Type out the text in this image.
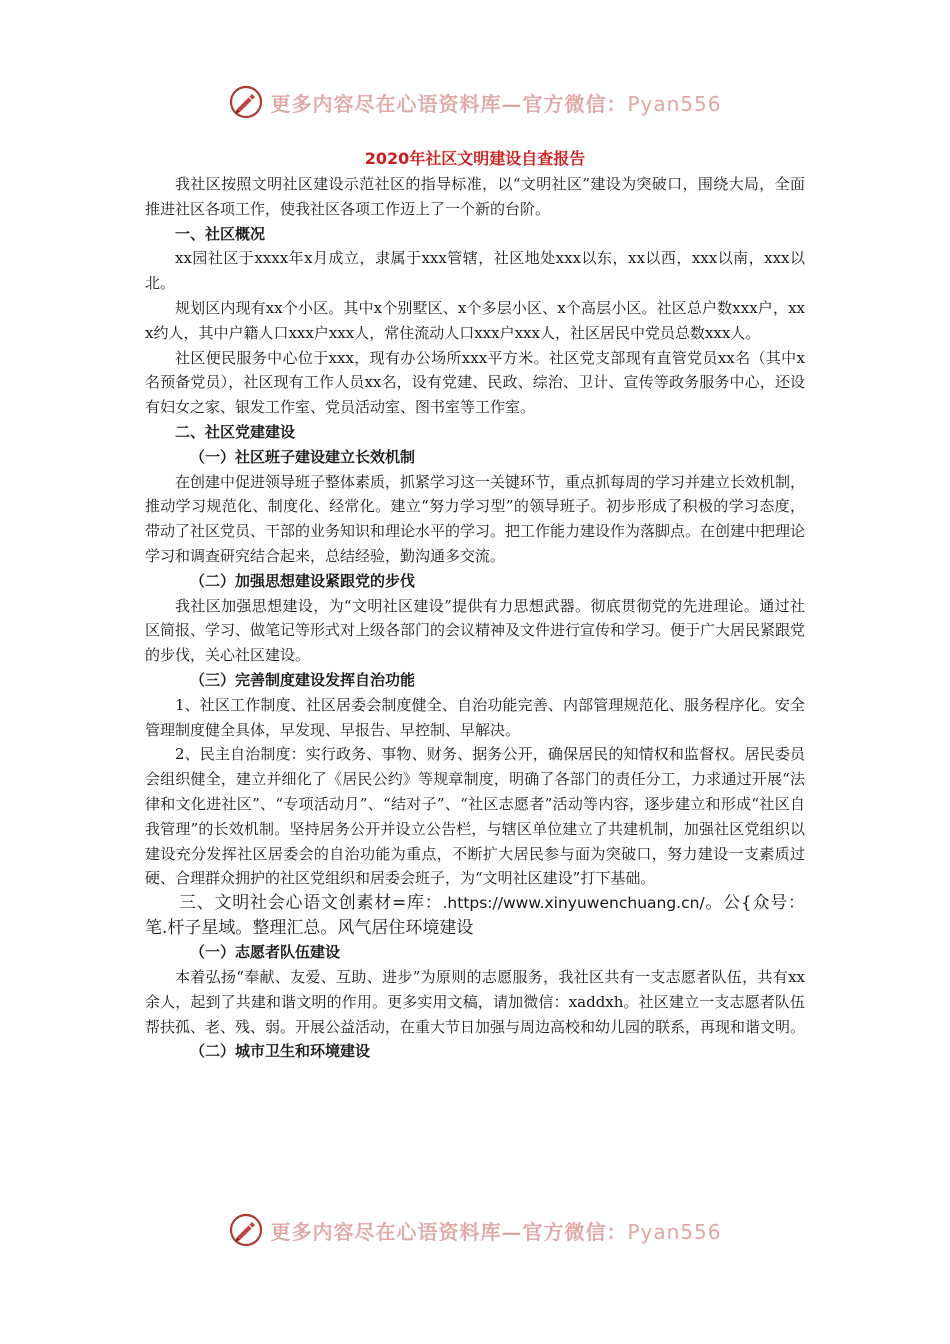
更多内容尽在心语资料库—官方微信：Pyan556
2020年社区文明建设自查报告

我社区按照文明社区建设示范社区的指导标准，以“文明社区”建设为突破口，围绕大局，全面推进社区各项工作，使我社区各项工作迈上了一个新的台阶。

一、社区概况

xx园社区于xxxx年x月成立，隶属于xxx管辖，社区地处xxx以东，xx以西，xxx以南，xxx以北。

规划区内现有xx个小区。其中x个别墅区、x个多层小区、x个高层小区。社区总户数xxx户，xxx约人，其中户籍人口xxx户xxx人，常住流动人口xxx户xxx人，社区居民中党员总数xxx人。

社区便民服务中心位于xxx，现有办公场所xxx平方米。社区党支部现有直管党员xx名（其中x名预备党员），社区现有工作人员xx名，设有党建、民政、综治、卫计、宣传等政务服务中心，还设有妇女之家、银发工作室、党员活动室、图书室等工作室。

二、社区党建建设

（一）社区班子建设建立长效机制

在创建中促进领导班子整体素质，抓紧学习这一关键环节，重点抓每周的学习并建立长效机制，推动学习规范化、制度化、经常化。建立“努力学习型”的领导班子。初步形成了积极的学习态度，带动了社区党员、干部的业务知识和理论水平的学习。把工作能力建设作为落脚点。在创建中把理论学习和调查研究结合起来，总结经验，勤沟通多交流。

（二）加强思想建设紧跟党的步伐

我社区加强思想建设，为“文明社区建设”提供有力思想武器。彻底贯彻党的先进理论。通过社区简报、学习、做笔记等形式对上级各部门的会议精神及文件进行宣传和学习。便于广大居民紧跟党的步伐，关心社区建设。

（三）完善制度建设发挥自治功能

1、社区工作制度、社区居委会制度健全、自治功能完善、内部管理规范化、服务程序化。安全管理制度健全具体，早发现、早报告、早控制、早解决。

2、民主自治制度：实行政务、事物、财务、据务公开，确保居民的知情权和监督权。居民委员会组织健全，建立并细化了《居民公约》等规章制度，明确了各部门的责任分工，力求通过开展“法律和文化进社区”、“专项活动月”、“结对子”、“社区志愿者”活动等内容，逐步建立和形成“社区自我管理”的长效机制。坚持居务公开并设立公告栏，与辖区单位建立了共建机制，加强社区党组织以建设充分发挥社区居委会的自治功能为重点，不断扩大居民参与面为突破口，努力建设一支素质过硬、合理群众拥护的社区党组织和居委会班子，为“文明社区建设”打下基础。

三、文明社会心语文创素材=库：.https://www.xinyuwenchuang.cn/。公{众号：笔.杆子星域。整理汇总。风气居住环境建设

（一）志愿者队伍建设

本着弘扬“奉献、友爱、互助、进步”为原则的志愿服务，我社区共有一支志愿者队伍，共有xx余人，起到了共建和谐文明的作用。更多实用文稿，请加微信：xaddxh。社区建立一支志愿者队伍帮扶孤、老、残、弱。开展公益活动，在重大节日加强与周边高校和幼儿园的联系，再现和谐文明。

（二）城市卫生和环境建设

更多内容尽在心语资料库—官方微信：Pyan556
